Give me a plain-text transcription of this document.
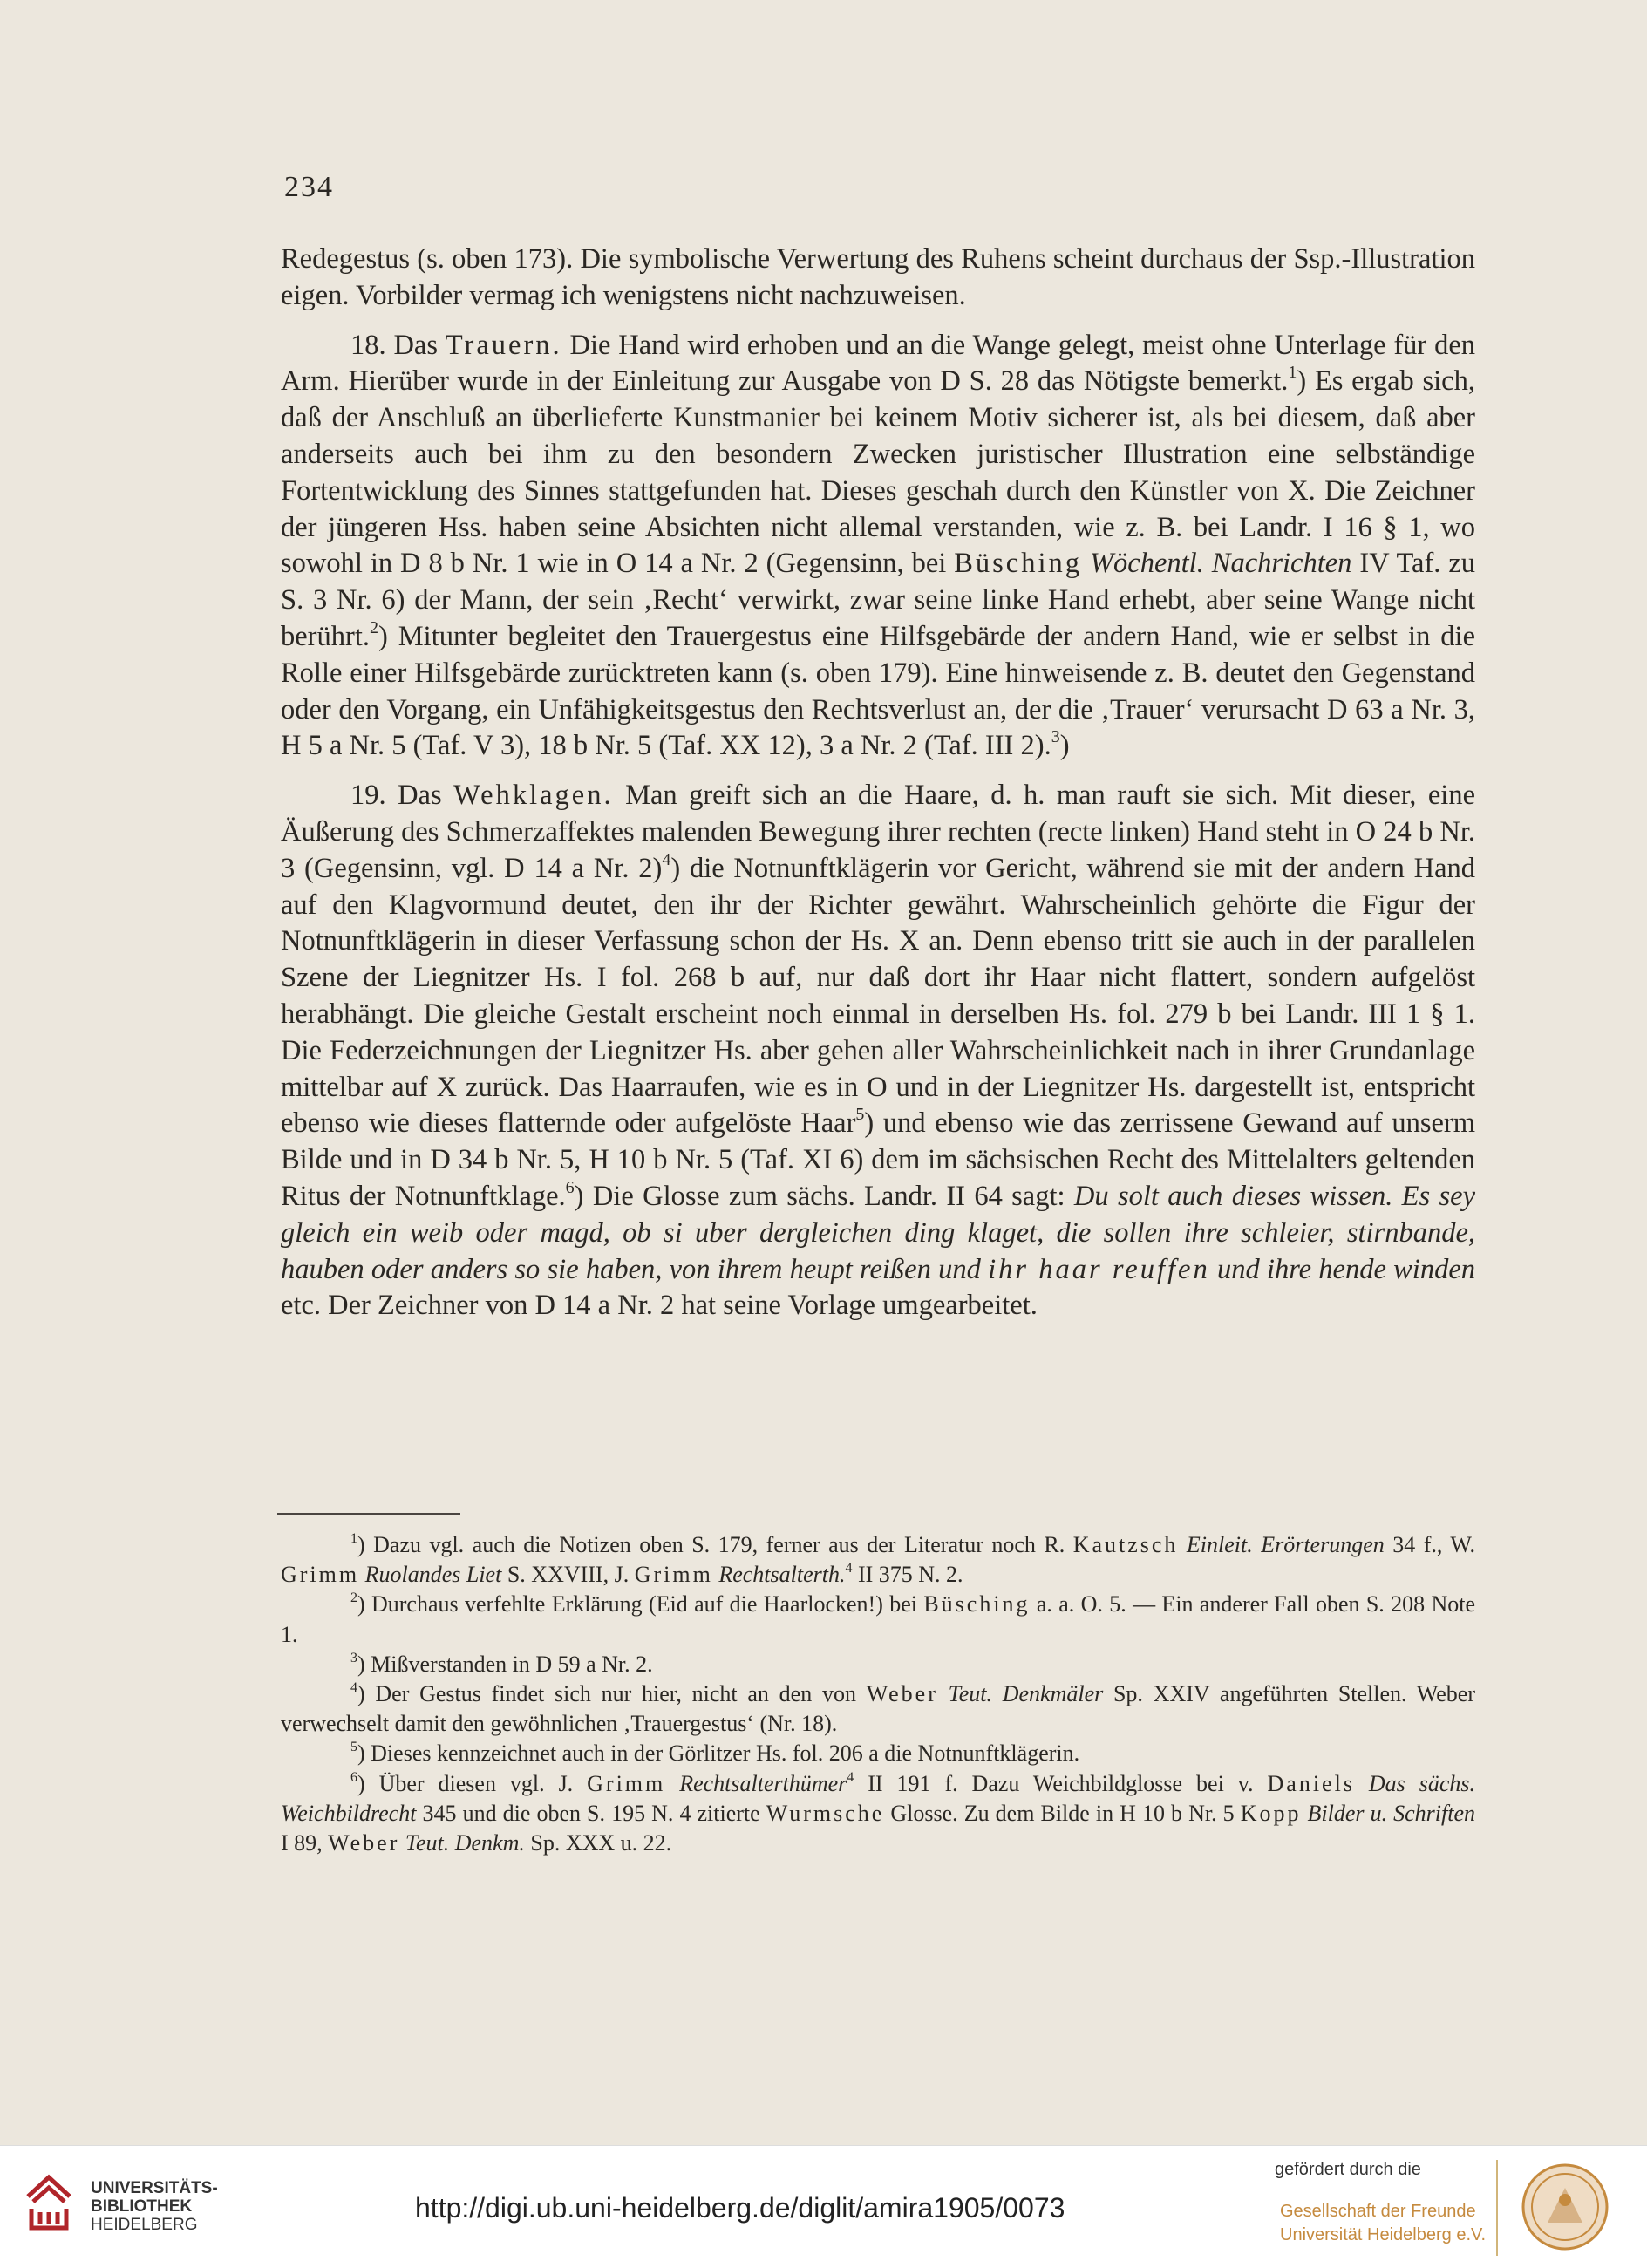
234

Redegestus (s. oben 173). Die symbolische Verwertung des Ruhens scheint durchaus der Ssp.-Illustration eigen. Vorbilder vermag ich wenigstens nicht nachzuweisen.

18. Das Trauern. Die Hand wird erhoben und an die Wange gelegt, meist ohne Unterlage für den Arm. Hierüber wurde in der Einleitung zur Ausgabe von D S. 28 das Nötigste bemerkt.$^1$) Es ergab sich, daß der Anschluß an überlieferte Kunstmanier bei keinem Motiv sicherer ist, als bei diesem, daß aber anderseits auch bei ihm zu den besondern Zwecken juristischer Illustration eine selbständige Fortentwicklung des Sinnes stattgefunden hat. Dieses geschah durch den Künstler von X. Die Zeichner der jüngeren Hss. haben seine Absichten nicht allemal verstanden, wie z. B. bei Landr. I 16 § 1, wo sowohl in D 8 b Nr. 1 wie in O 14 a Nr. 2 (Gegensinn, bei Büsching Wöchentl. Nachrichten IV Taf. zu S. 3 Nr. 6) der Mann, der sein ‚Recht‘ verwirkt, zwar seine linke Hand erhebt, aber seine Wange nicht berührt.$^2$) Mitunter begleitet den Trauergestus eine Hilfsgebärde der andern Hand, wie er selbst in die Rolle einer Hilfsgebärde zurücktreten kann (s. oben 179). Eine hinweisende z. B. deutet den Gegenstand oder den Vorgang, ein Unfähigkeitsgestus den Rechtsverlust an, der die ‚Trauer‘ verursacht D 63 a Nr. 3, H 5 a Nr. 5 (Taf. V 3), 18 b Nr. 5 (Taf. XX 12), 3 a Nr. 2 (Taf. III 2).$^3$)

19. Das Wehklagen. Man greift sich an die Haare, d. h. man rauft sie sich. Mit dieser, eine Äußerung des Schmerzaffektes malenden Bewegung ihrer rechten (recte linken) Hand steht in O 24 b Nr. 3 (Gegensinn, vgl. D 14 a Nr. 2)$^4$) die Notnunftklägerin vor Gericht, während sie mit der andern Hand auf den Klagvormund deutet, den ihr der Richter gewährt. Wahrscheinlich gehörte die Figur der Notnunftklägerin in dieser Verfassung schon der Hs. X an. Denn ebenso tritt sie auch in der parallelen Szene der Liegnitzer Hs. I fol. 268 b auf, nur daß dort ihr Haar nicht flattert, sondern aufgelöst herabhängt. Die gleiche Gestalt erscheint noch einmal in derselben Hs. fol. 279 b bei Landr. III 1 § 1. Die Federzeichnungen der Liegnitzer Hs. aber gehen aller Wahrscheinlichkeit nach in ihrer Grundanlage mittelbar auf X zurück. Das Haarraufen, wie es in O und in der Liegnitzer Hs. dargestellt ist, entspricht ebenso wie dieses flatternde oder aufgelöste Haar$^5$) und ebenso wie das zerrissene Gewand auf unserm Bilde und in D 34 b Nr. 5, H 10 b Nr. 5 (Taf. XI 6) dem im sächsischen Recht des Mittelalters geltenden Ritus der Notnunftklage.$^6$) Die Glosse zum sächs. Landr. II 64 sagt: Du solt auch dieses wissen. Es sey gleich ein weib oder magd, ob si uber dergleichen ding klaget, die sollen ihre schleier, stirnbande, hauben oder anders so sie haben, von ihrem heupt reißen und ihr haar reuffen und ihre hende winden etc. Der Zeichner von D 14 a Nr. 2 hat seine Vorlage umgearbeitet.

$^1$) Dazu vgl. auch die Notizen oben S. 179, ferner aus der Literatur noch R. Kautzsch Einleit. Erörterungen 34 f., W. Grimm Ruolandes Liet S. XXVIII, J. Grimm Rechtsalterth.$^4$ II 375 N. 2.

$^2$) Durchaus verfehlte Erklärung (Eid auf die Haarlocken!) bei Büsching a. a. O. 5. — Ein anderer Fall oben S. 208 Note 1.

$^3$) Mißverstanden in D 59 a Nr. 2.

$^4$) Der Gestus findet sich nur hier, nicht an den von Weber Teut. Denkmäler Sp. XXIV angeführten Stellen. Weber verwechselt damit den gewöhnlichen ‚Trauergestus‘ (Nr. 18).

$^5$) Dieses kennzeichnet auch in der Görlitzer Hs. fol. 206 a die Notnunftklägerin.

$^6$) Über diesen vgl. J. Grimm Rechtsalterthümer$^4$ II 191 f. Dazu Weichbildglosse bei v. Daniels Das sächs. Weichbildrecht 345 und die oben S. 195 N. 4 zitierte Wurmsche Glosse. Zu dem Bilde in H 10 b Nr. 5 Kopp Bilder u. Schriften I 89, Weber Teut. Denkm. Sp. XXX u. 22.

UNIVERSITÄTS-
BIBLIOTHEK
HEIDELBERG
http://digi.ub.uni-heidelberg.de/diglit/amira1905/0073
gefördert durch die
Gesellschaft der Freunde
Universität Heidelberg e.V.
